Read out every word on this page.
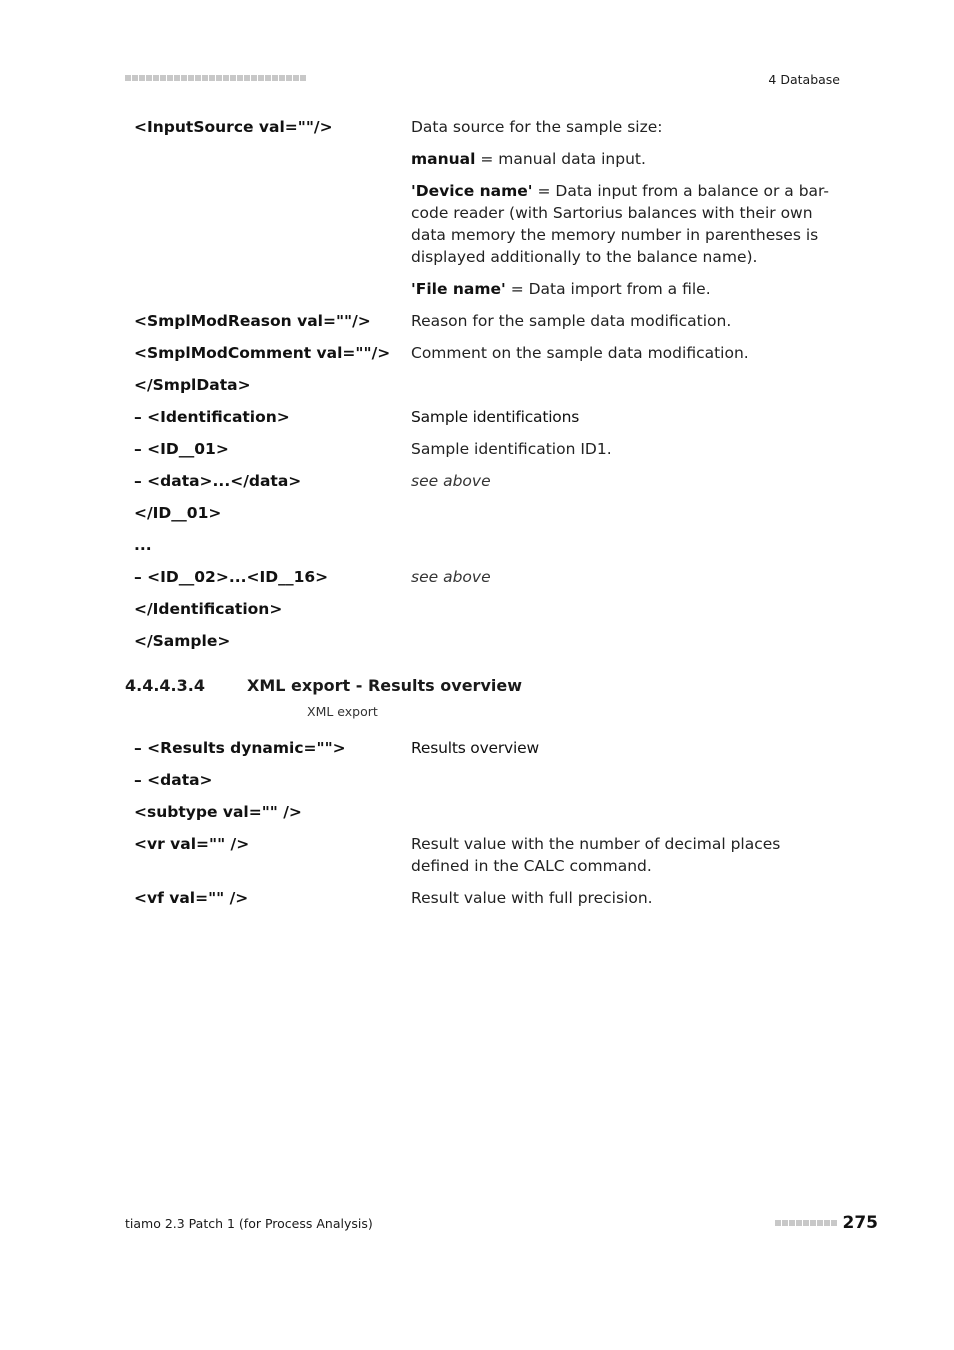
4 Database
<InputSource val=""/>	Data source for the sample size:

manual = manual data input.

'Device name' = Data input from a balance or a bar-code reader (with Sartorius balances with their own data memory the memory number in parentheses is displayed additionally to the balance name).

'File name' = Data import from a file.

<SmplModReason val=""/>	Reason for the sample data modification.

<SmplModComment val=""/>	Comment on the sample data modification.

</SmplData>
– <Identification>	Sample identifications

– <ID__01>	Sample identification ID1.

– <data>...</data>	see above

</ID__01>
...
– <ID__02>...<ID__16>	see above

</Identification>
</Sample>
4.4.4.3.4	XML export - Results overview
XML export
– <Results dynamic="">	Results overview

– <data>
<subtype val="" />
<vr val="" />	Result value with the number of decimal places defined in the CALC command.

<vf val="" />	Result value with full precision.

tiamo 2.3 Patch 1 (for Process Analysis)	275
